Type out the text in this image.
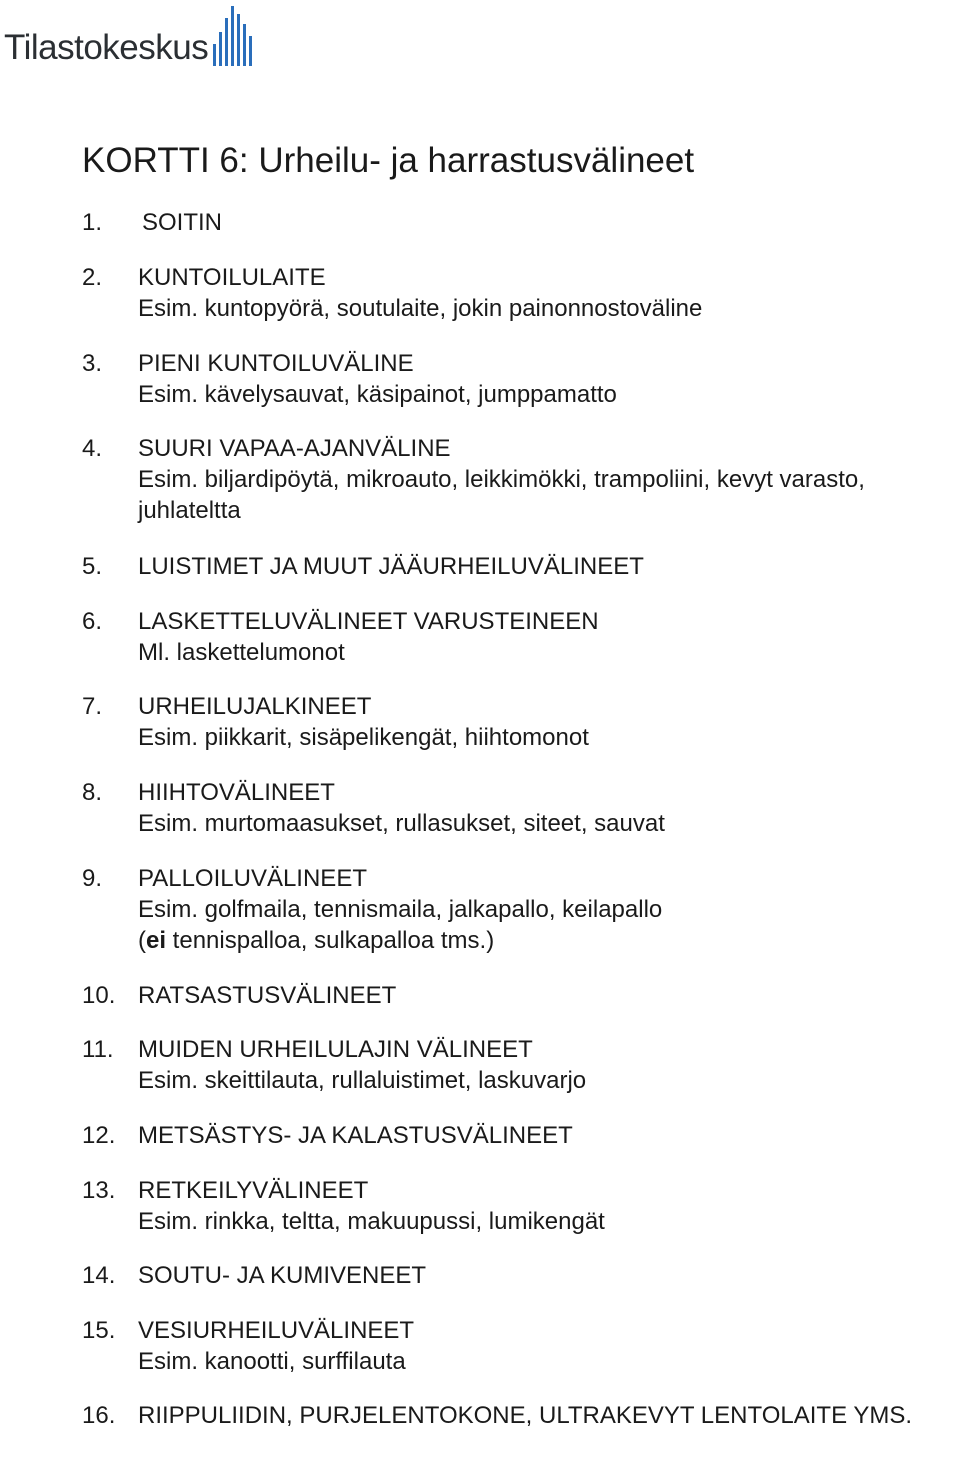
Tilastokeskus
KORTTI 6: Urheilu- ja harrastusvälineet
1. SOITIN
2. KUNTOILULAITE
Esim. kuntopyörä, soutulaite, jokin painonnostoväline
3. PIENI KUNTOILUVÄLINE
Esim. kävelysauvat, käsipainot, jumppamatto
4. SUURI VAPAA-AJANVÄLINE
Esim. biljardipöytä, mikroauto, leikkimökki, trampoliini, kevyt varasto, juhlateltta
5. LUISTIMET JA MUUT JÄÄURHEILUVÄLINEET
6. LASKETTELUVÄLINEET VARUSTEINEEN
Ml. laskettelumonot
7. URHEILUJALKINEET
Esim. piikkarit, sisäpelikengät, hiihtomonot
8. HIIHTOVÄLINEET
Esim. murtomaasukset, rullasukset, siteet, sauvat
9. PALLOILUVÄLINEET
Esim. golfmaila, tennismaila, jalkapallo, keilapallo
(ei tennispalloa, sulkapalloa tms.)
10. RATSASTUSVÄLINEET
11. MUIDEN URHEILULAJIN VÄLINEET
Esim. skeittilauta, rullaluistimet, laskuvarjo
12. METSÄSTYS- JA KALASTUSVÄLINEET
13. RETKEILYVÄLINEET
Esim. rinkka, teltta, makuupussi, lumikengät
14. SOUTU- JA KUMIVENEET
15. VESIURHEILUVÄLINEET
Esim. kanootti, surffilauta
16. RIIPPULIIDIN, PURJELENTOKONE, ULTRAKEVYT LENTOLAITE YMS.
